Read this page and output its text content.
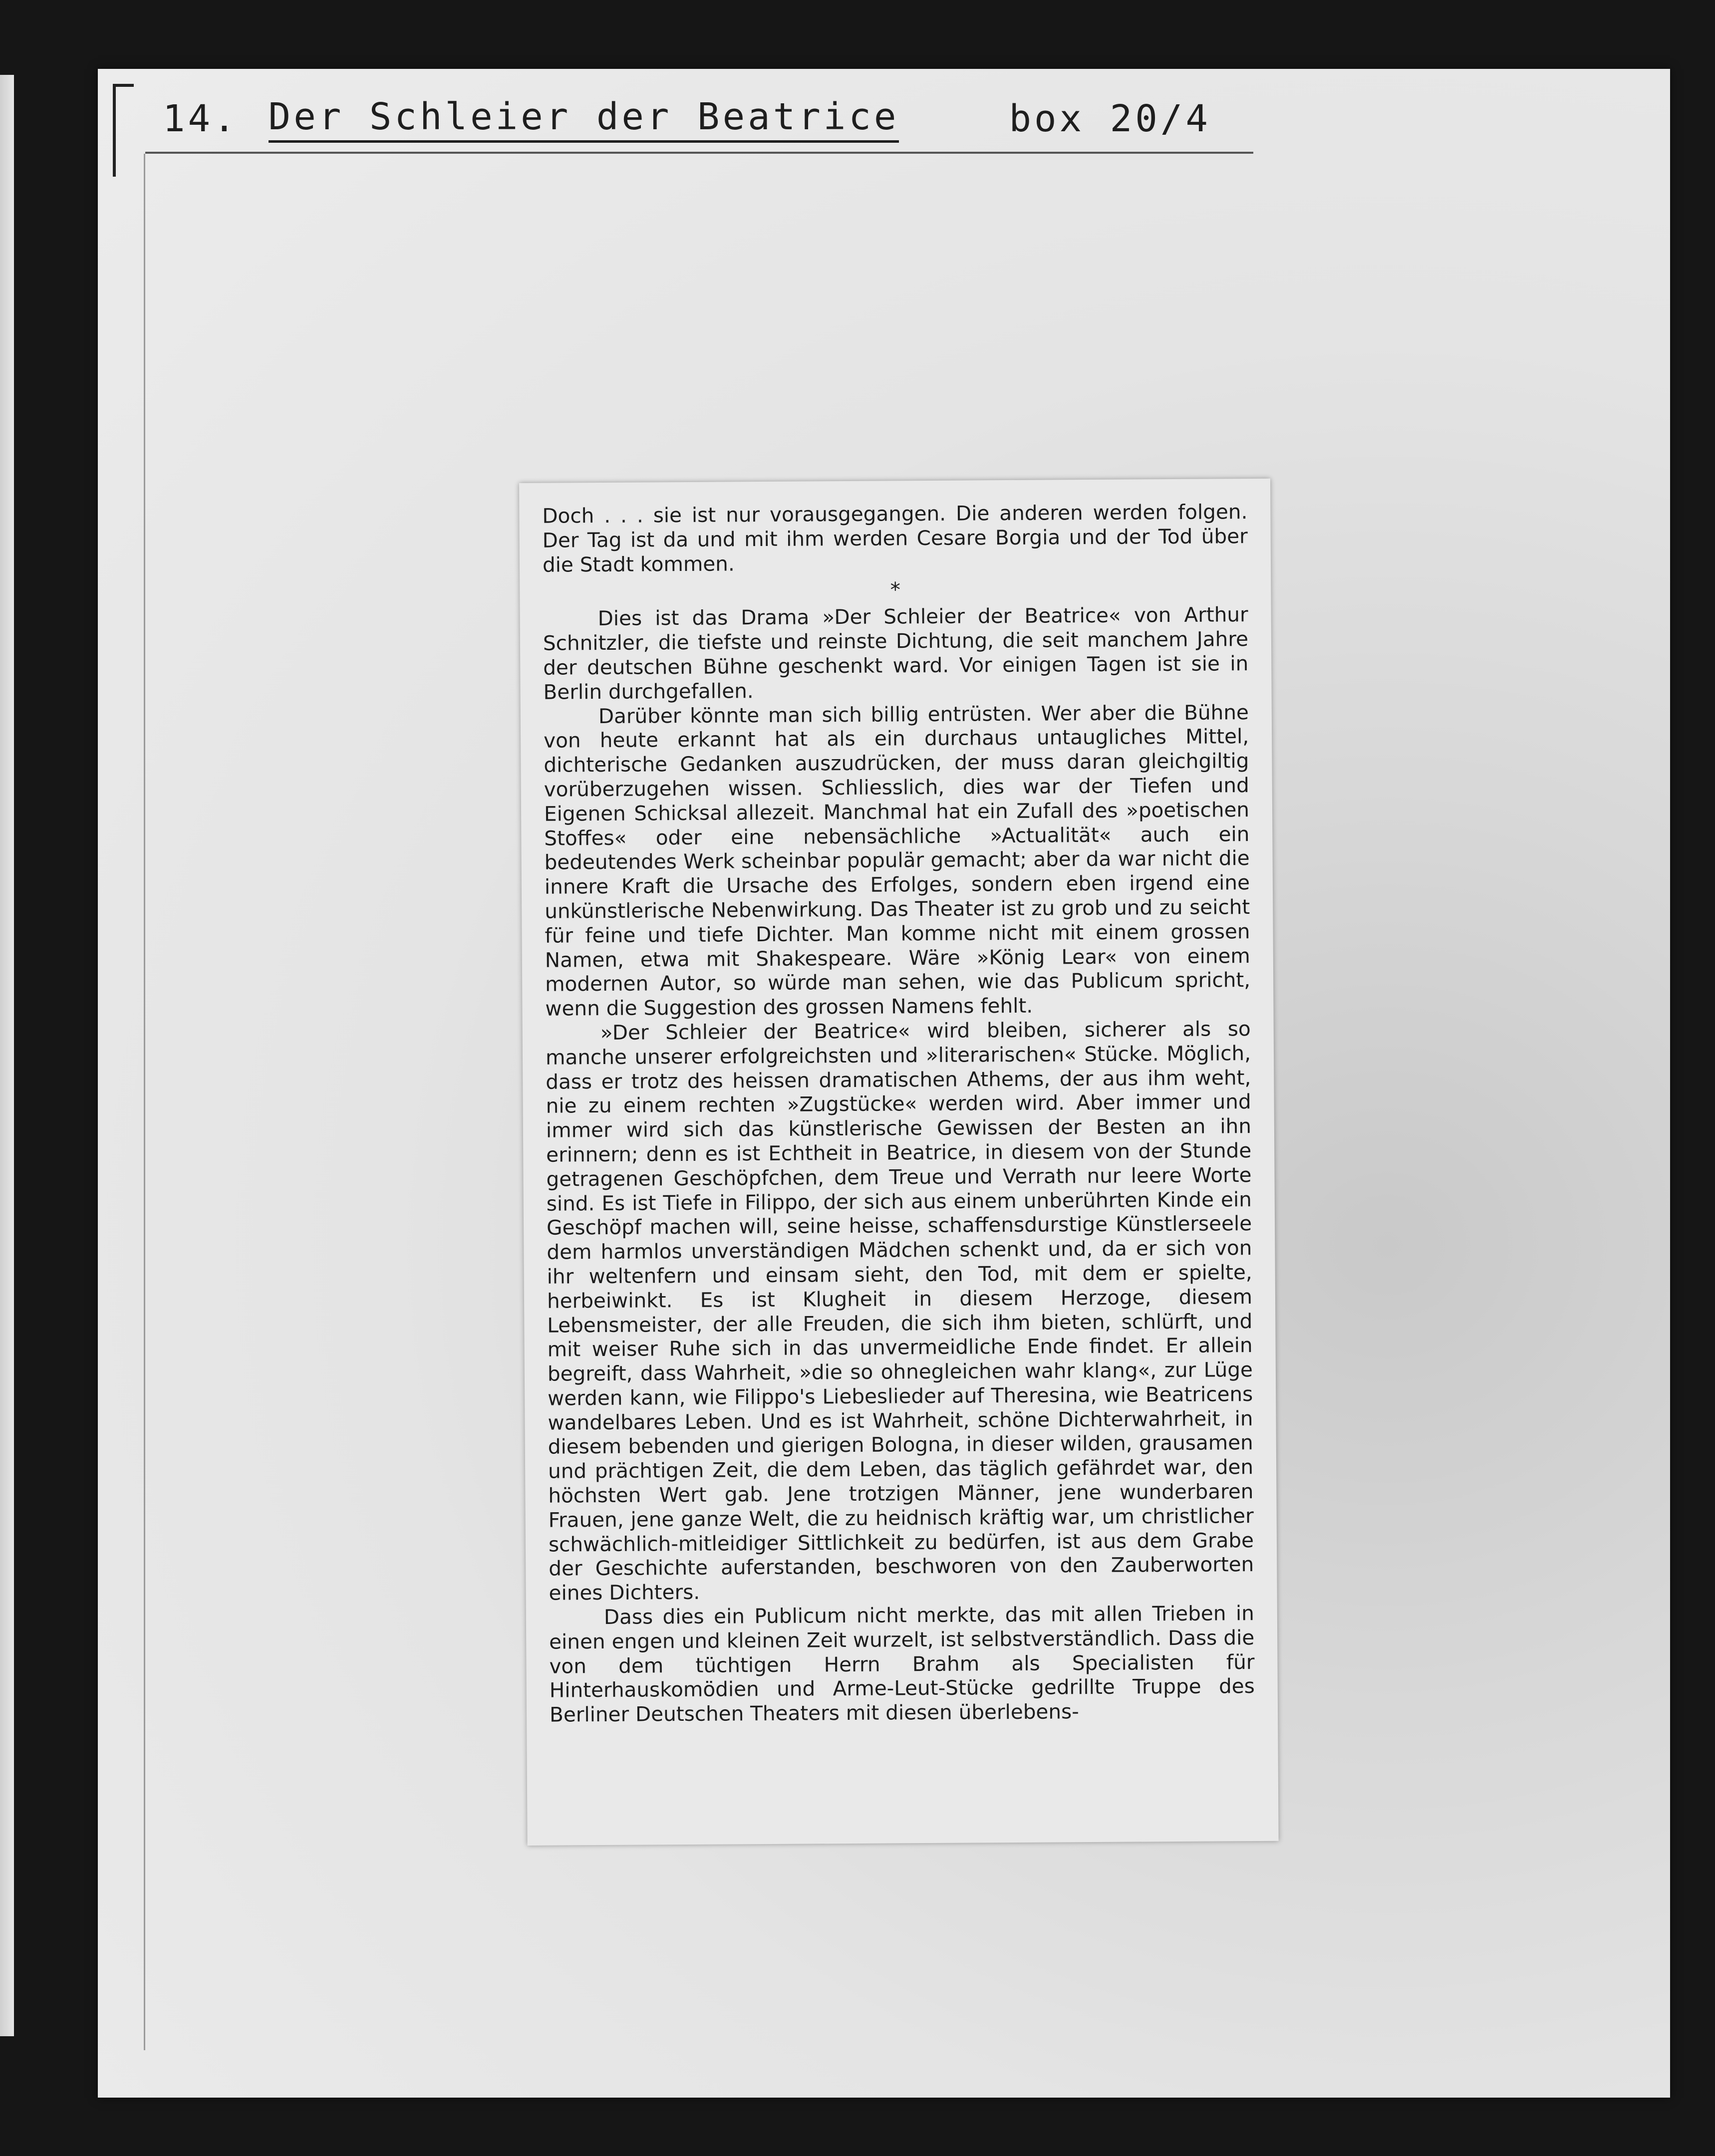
14. Der Schleier der Beatrice	box 20/4

Doch . . . sie ist nur vorausgegangen. Die anderen werden folgen. Der Tag ist da und mit ihm werden Cesare Borgia und der Tod über die Stadt kommen.

*

Dies ist das Drama »Der Schleier der Beatrice« von Arthur Schnitzler, die tiefste und reinste Dichtung, die seit manchem Jahre der deutschen Bühne geschenkt ward. Vor einigen Tagen ist sie in Berlin durchgefallen.

Darüber könnte man sich billig entrüsten. Wer aber die Bühne von heute erkannt hat als ein durchaus untaugliches Mittel, dichterische Gedanken auszudrücken, der muss daran gleichgiltig vorüberzugehen wissen. Schliesslich, dies war der Tiefen und Eigenen Schicksal allezeit. Manchmal hat ein Zufall des »poetischen Stoffes« oder eine nebensächliche »Actualität« auch ein bedeutendes Werk scheinbar populär gemacht; aber da war nicht die innere Kraft die Ursache des Erfolges, sondern eben irgend eine unkünstlerische Nebenwirkung. Das Theater ist zu grob und zu seicht für feine und tiefe Dichter. Man komme nicht mit einem grossen Namen, etwa mit Shakespeare. Wäre »König Lear« von einem modernen Autor, so würde man sehen, wie das Publicum spricht, wenn die Suggestion des grossen Namens fehlt.

»Der Schleier der Beatrice« wird bleiben, sicherer als so manche unserer erfolgreichsten und »literarischen« Stücke. Möglich, dass er trotz des heissen dramatischen Athems, der aus ihm weht, nie zu einem rechten »Zugstücke« werden wird. Aber immer und immer wird sich das künstlerische Gewissen der Besten an ihn erinnern; denn es ist Echtheit in Beatrice, in diesem von der Stunde getragenen Geschöpfchen, dem Treue und Verrath nur leere Worte sind. Es ist Tiefe in Filippo, der sich aus einem unberührten Kinde ein Geschöpf machen will, seine heisse, schaffensdurstige Künstlerseele dem harmlos unverständigen Mädchen schenkt und, da er sich von ihr weltenfern und einsam sieht, den Tod, mit dem er spielte, herbeiwinkt. Es ist Klugheit in diesem Herzoge, diesem Lebensmeister, der alle Freuden, die sich ihm bieten, schlürft, und mit weiser Ruhe sich in das unvermeidliche Ende findet. Er allein begreift, dass Wahrheit, »die so ohnegleichen wahr klang«, zur Lüge werden kann, wie Filippo's Liebeslieder auf Theresina, wie Beatricens wandelbares Leben. Und es ist Wahrheit, schöne Dichterwahrheit, in diesem bebenden und gierigen Bologna, in dieser wilden, grausamen und prächtigen Zeit, die dem Leben, das täglich gefährdet war, den höchsten Wert gab. Jene trotzigen Männer, jene wunderbaren Frauen, jene ganze Welt, die zu heidnisch kräftig war, um christlicher schwächlich-mitleidiger Sittlichkeit zu bedürfen, ist aus dem Grabe der Geschichte auferstanden, beschworen von den Zauberworten eines Dichters.

Dass dies ein Publicum nicht merkte, das mit allen Trieben in einen engen und kleinen Zeit wurzelt, ist selbstverständlich. Dass die von dem tüchtigen Herrn Brahm als Specialisten für Hinterhauskomödien und Arme-Leut-Stücke gedrillte Truppe des Berliner Deutschen Theaters mit diesen überlebens-
